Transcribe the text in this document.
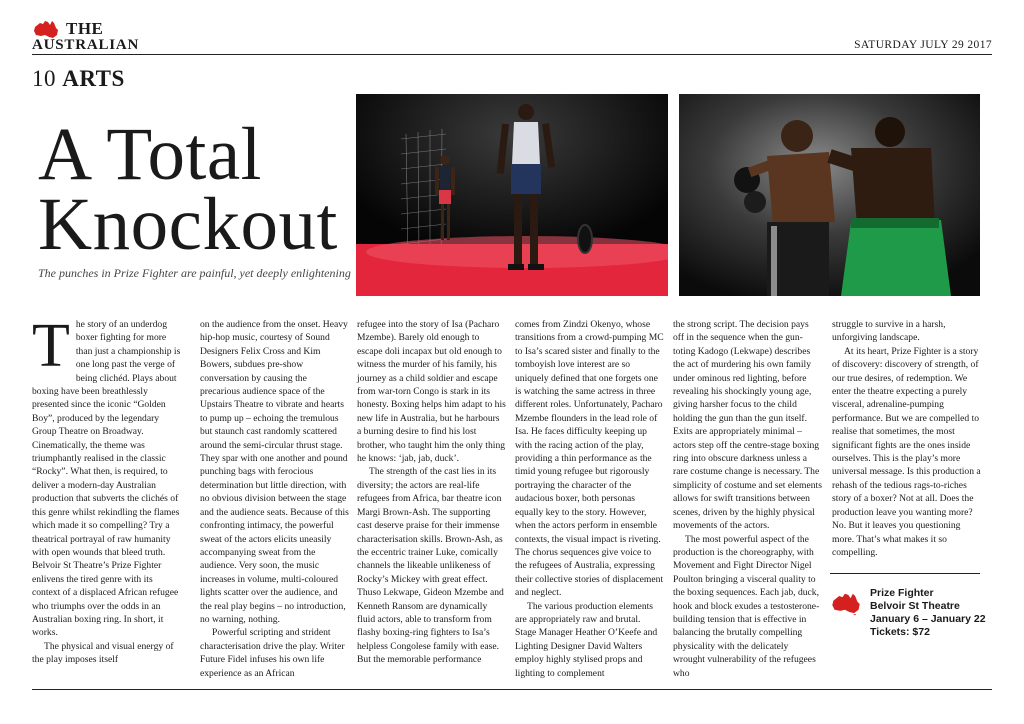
THE
AUSTRALIAN	SATURDAY JULY 29 2017
10 ARTS
A Total
Knockout
The punches in Prize Fighter are painful, yet deeply enlightening

The story of an underdog boxer fighting for more than just a championship is one long past the verge of being clichéd. Plays about boxing have been breathlessly presented since the iconic “Golden Boy”, produced by the legendary Group Theatre on Broadway. Cinematically, the theme was triumphantly realised in the classic “Rocky”. What then, is required, to deliver a modern-day Australian production that subverts the clichés of this genre whilst rekindling the flames which made it so compelling? Try a theatrical portrayal of raw humanity with open wounds that bleed truth. Belvoir St Theatre’s Prize Fighter enlivens the tired genre with its context of a displaced African refugee who triumphs over the odds in an Australian boxing ring. In short, it works.

The physical and visual energy of the play imposes itself

on the audience from the onset. Heavy hip-hop music, courtesy of Sound Designers Felix Cross and Kim Bowers, subdues pre-show conversation by causing the precarious audience space of the Upstairs Theatre to vibrate and hearts to pump up – echoing the tremulous but staunch cast randomly scattered around the semi-circular thrust stage. They spar with one another and pound punching bags with ferocious determination but little direction, with no obvious division between the stage and the audience seats. Because of this confronting intimacy, the powerful sweat of the actors elicits uneasily accompanying sweat from the audience. Very soon, the music increases in volume, multi-coloured lights scatter over the audience, and the real play begins – no introduction, no warning, nothing.

Powerful scripting and strident characterisation drive the play. Writer Future Fidel infuses his own life experience as an African

refugee into the story of Isa (Pacharo Mzembe). Barely old enough to escape doli incapax but old enough to witness the murder of his family, his journey as a child soldier and escape from war-torn Congo is stark in its honesty. Boxing helps him adapt to his new life in Australia, but he harbours a burning desire to find his lost brother, who taught him the only thing he knows: ‘jab, jab, duck’.

The strength of the cast lies in its diversity; the actors are real-life refugees from Africa, bar theatre icon Margi Brown-Ash. The supporting cast deserve praise for their immense characterisation skills. Brown-Ash, as the eccentric trainer Luke, comically channels the likeable unlikeness of Rocky’s Mickey with great effect. Thuso Lekwape, Gideon Mzembe and Kenneth Ransom are dynamically fluid actors, able to transform from flashy boxing-ring fighters to Isa’s helpless Congolese family with ease. But the memorable performance

comes from Zindzi Okenyo, whose transitions from a crowd-pumping MC to Isa’s scared sister and finally to the tomboyish love interest are so uniquely defined that one forgets one is watching the same actress in three different roles. Unfortunately, Pacharo Mzembe flounders in the lead role of Isa. He faces difficulty keeping up with the racing action of the play, providing a thin performance as the timid young refugee but rigorously portraying the character of the audacious boxer, both personas equally key to the story. However, when the actors perform in ensemble contexts, the visual impact is riveting. The chorus sequences give voice to the refugees of Australia, expressing their collective stories of displacement and neglect.

The various production elements are appropriately raw and brutal. Stage Manager Heather O’Keefe and Lighting Designer David Walters employ highly stylised props and lighting to complement

the strong script. The decision pays off in the sequence when the gun-toting Kadogo (Lekwape) describes the act of murdering his own family under ominous red lighting, before revealing his shockingly young age, giving harsher focus to the child holding the gun than the gun itself. Exits are appropriately minimal – actors step off the centre-stage boxing ring into obscure darkness unless a rare costume change is necessary. The simplicity of costume and set elements allows for swift transitions between scenes, driven by the highly physical movements of the actors.

The most powerful aspect of the production is the choreography, with Movement and Fight Director Nigel Poulton bringing a visceral quality to the boxing sequences. Each jab, duck, hook and block exudes a testosterone-building tension that is effective in balancing the brutally compelling physicality with the delicately wrought vulnerability of the refugees who

struggle to survive in a harsh, unforgiving landscape.

At its heart, Prize Fighter is a story of discovery: discovery of strength, of our true desires, of redemption. We enter the theatre expecting a purely visceral, adrenaline-pumping performance. But we are compelled to realise that sometimes, the most significant fights are the ones inside ourselves. This is the play’s more universal message. Is this production a rehash of the tedious rags-to-riches story of a boxer? Not at all. Does the production leave you wanting more? No. But it leaves you questioning more. That’s what makes it so compelling.

Prize Fighter
Belvoir St Theatre
January 6 – January 22
Tickets: $72
